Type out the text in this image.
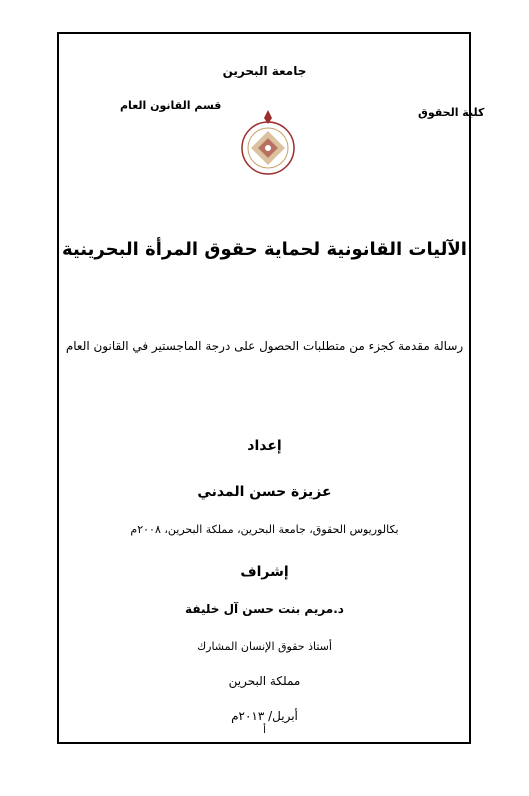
جامعة البحرين
كلية الحقوق
قسم القانون العام
الآليات القانونية لحماية حقوق المرأة البحرينية
رسالة مقدمة كجزء من متطلبات الحصول على درجة الماجستير في القانون العام
إعداد
عزيزة حسن المدني
بكالوريوس الحقوق، جامعة البحرين، مملكة البحرين، ٢٠٠٨م
إشراف
د.مريم بنت حسن آل خليفة
أستاذ حقوق الإنسان المشارك
مملكة البحرين
أبريل/ ٢٠١٣م
أ
